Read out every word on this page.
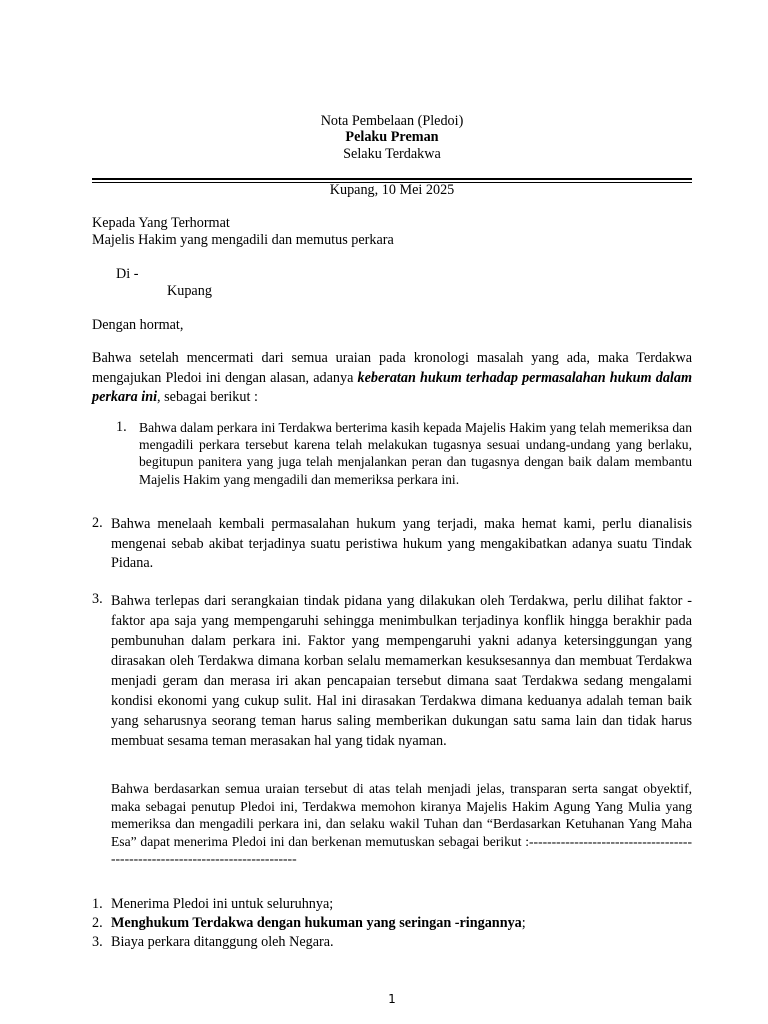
Nota Pembelaan (Pledoi)
Pelaku Preman
Selaku Terdakwa
Kupang, 10 Mei 2025
Kepada Yang Terhormat
Majelis Hakim yang mengadili dan memutus perkara
Di -
Kupang
Dengan hormat,
Bahwa setelah mencermati dari semua uraian pada kronologi masalah yang ada, maka Terdakwa mengajukan Pledoi ini dengan alasan, adanya keberatan hukum terhadap permasalahan hukum dalam perkara ini, sebagai berikut :
1. Bahwa dalam perkara ini Terdakwa berterima kasih kepada Majelis Hakim yang telah memeriksa dan mengadili perkara tersebut karena telah melakukan tugasnya sesuai undang-undang yang berlaku, begitupun panitera yang juga telah menjalankan peran dan tugasnya dengan baik dalam membantu Majelis Hakim yang mengadili dan memeriksa perkara ini.
2. Bahwa menelaah kembali permasalahan hukum yang terjadi, maka hemat kami, perlu dianalisis mengenai sebab akibat terjadinya suatu peristiwa hukum yang mengakibatkan adanya suatu Tindak Pidana.
3. Bahwa terlepas dari serangkaian tindak pidana yang dilakukan oleh Terdakwa, perlu dilihat faktor - faktor apa saja yang mempengaruhi sehingga menimbulkan terjadinya konflik hingga berakhir pada pembunuhan dalam perkara ini. Faktor yang mempengaruhi yakni adanya ketersinggungan yang dirasakan oleh Terdakwa dimana korban selalu memamerkan kesuksesannya dan membuat Terdakwa menjadi geram dan merasa iri akan pencapaian tersebut dimana saat Terdakwa sedang mengalami kondisi ekonomi yang cukup sulit. Hal ini dirasakan Terdakwa dimana keduanya adalah teman baik yang seharusnya seorang teman harus saling memberikan dukungan satu sama lain dan tidak harus membuat sesama teman merasakan hal yang tidak nyaman.
Bahwa berdasarkan semua uraian tersebut di atas telah menjadi jelas, transparan serta sangat obyektif, maka sebagai penutup Pledoi ini, Terdakwa memohon kiranya Majelis Hakim Agung Yang Mulia yang memeriksa dan mengadili perkara ini, dan selaku wakil Tuhan dan “Berdasarkan Ketuhanan Yang Maha Esa” dapat menerima Pledoi ini dan berkenan memutuskan sebagai berikut :-----------------------------------------------------------------------------
1. Menerima Pledoi ini untuk seluruhnya;
2. Menghukum Terdakwa dengan hukuman yang seringan -ringannya;
3. Biaya perkara ditanggung oleh Negara.
1
